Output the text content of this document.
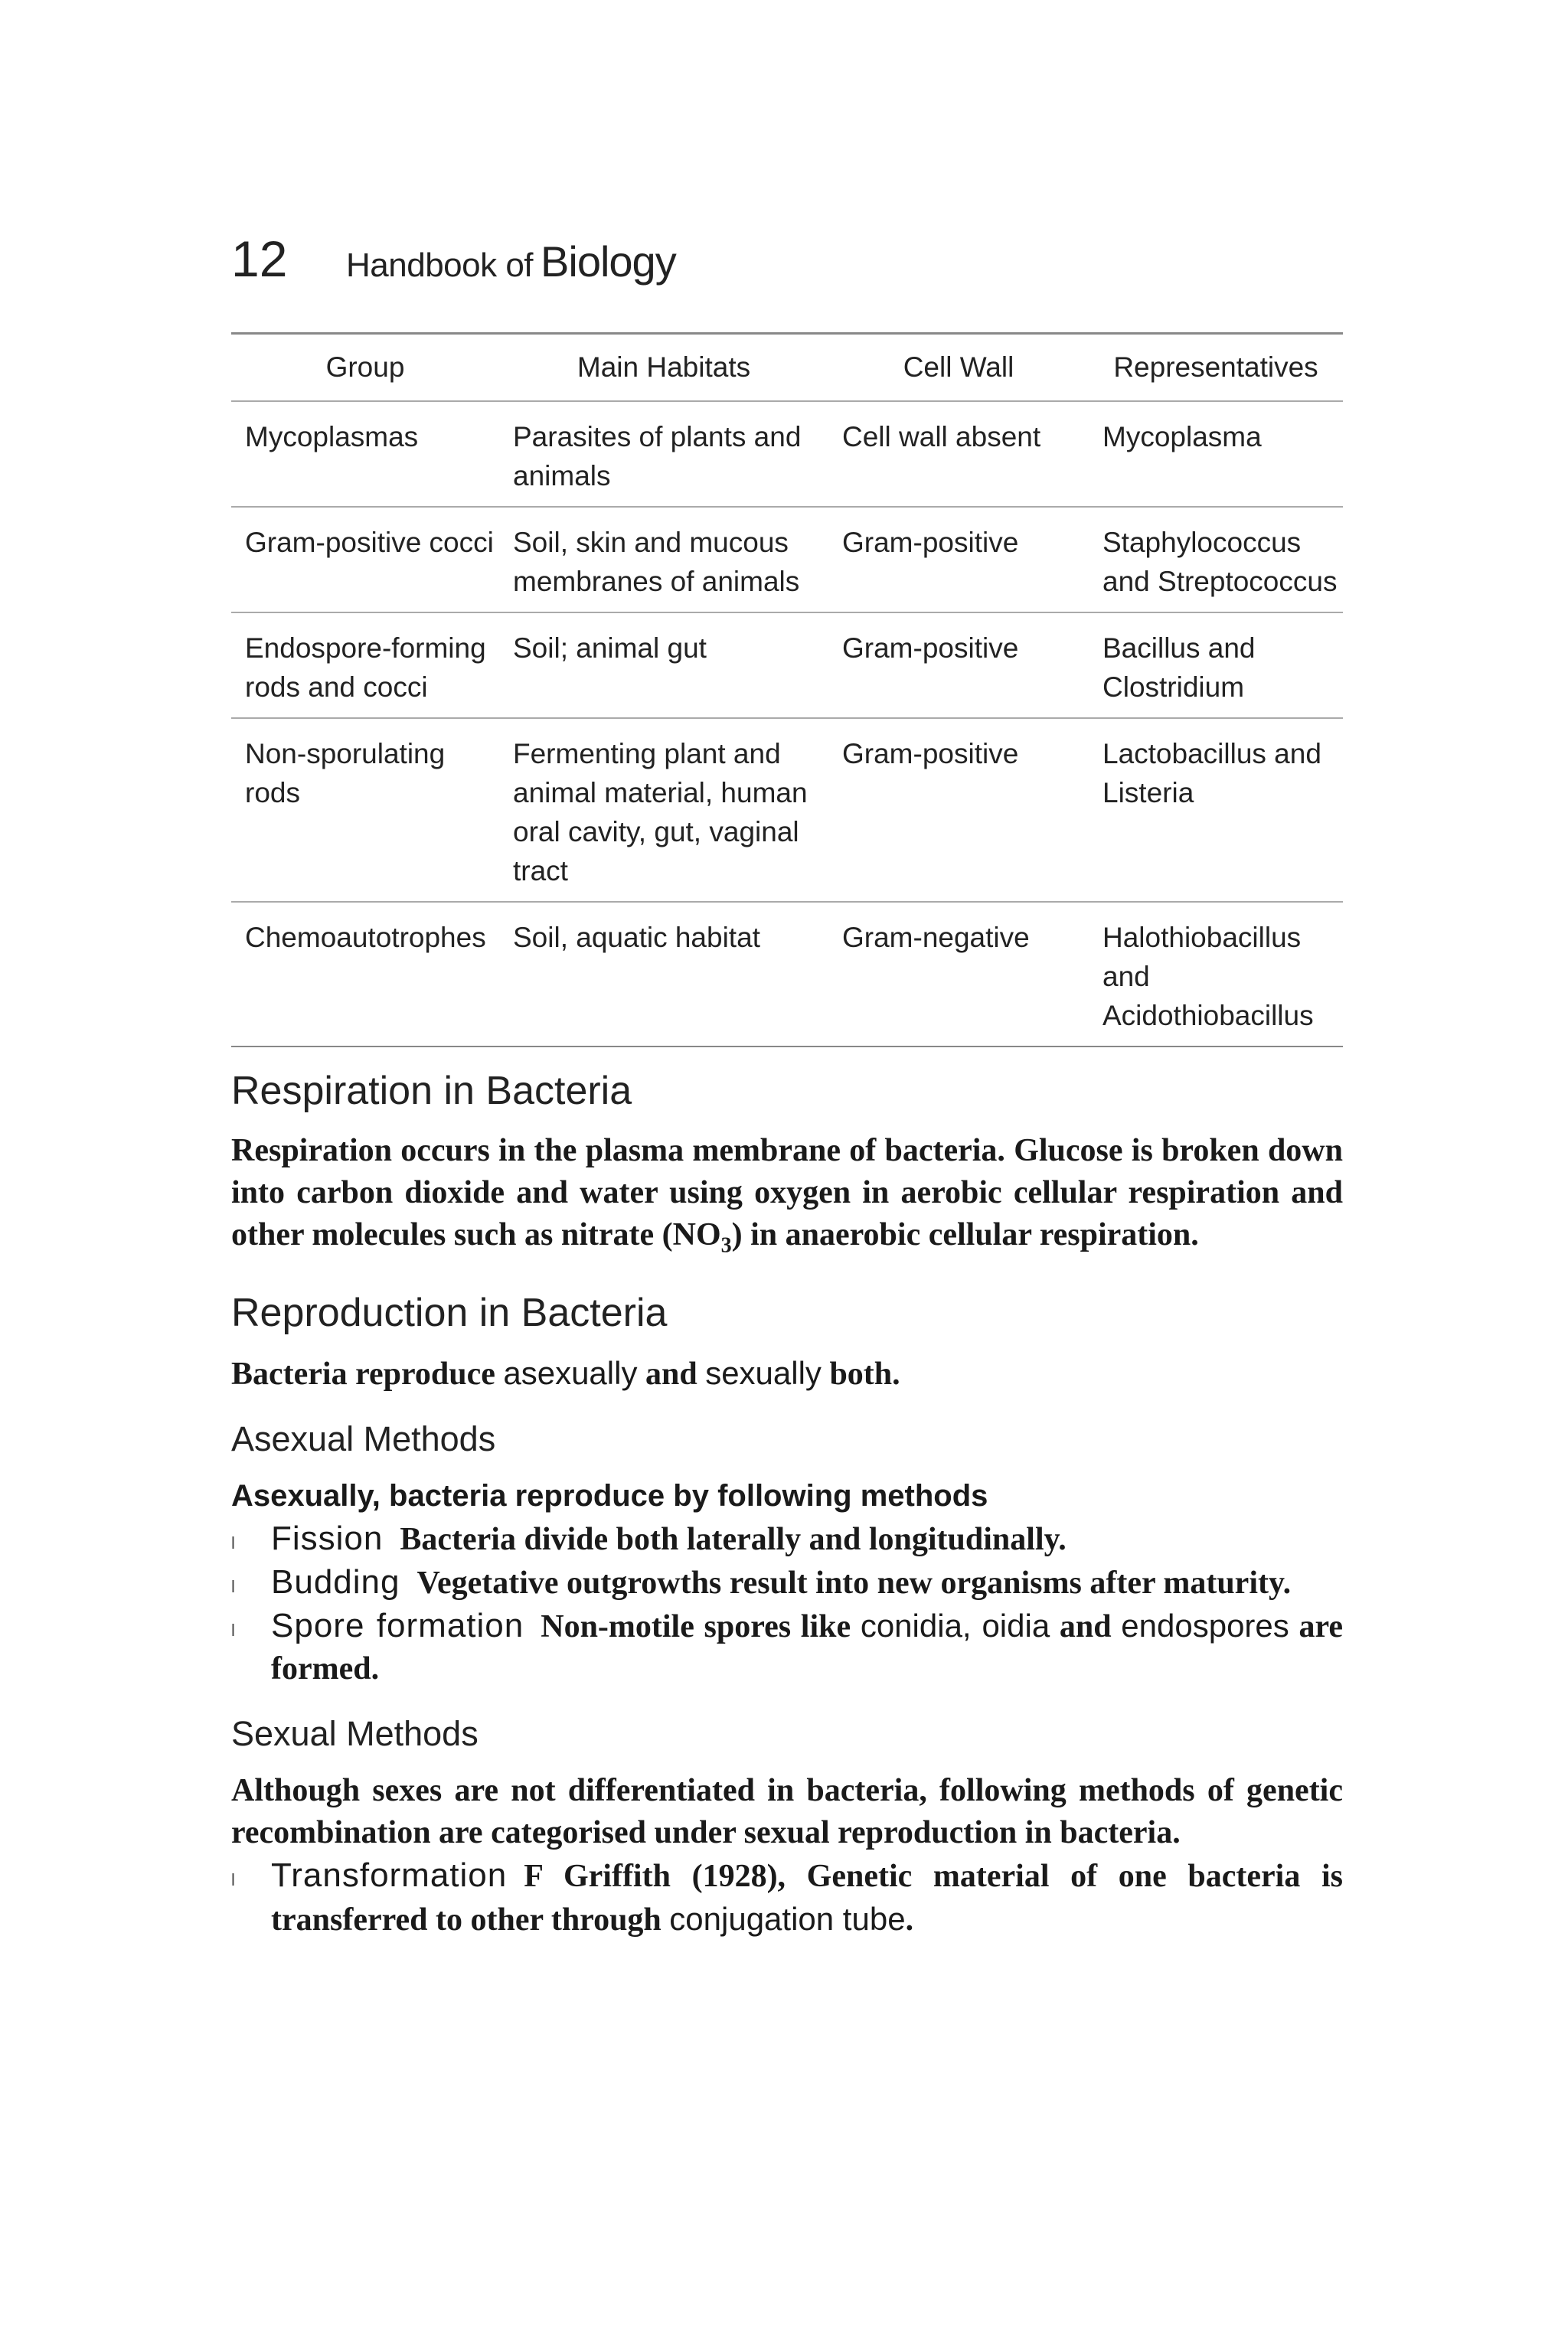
12	Handbook of Biology
Group	Main Habitats	Cell Wall	Representatives
Mycoplasmas	Parasites of plants and animals	Cell wall absent	Mycoplasma
Gram-positive cocci	Soil, skin and mucous membranes of animals	Gram-positive	Staphylococcus and Streptococcus
Endospore-forming rods and cocci	Soil; animal gut	Gram-positive	Bacillus and Clostridium
Non-sporulating rods	Fermenting plant and animal material, human oral cavity, gut, vaginal tract	Gram-positive	Lactobacillus and Listeria
Chemoautotrophes	Soil, aquatic habitat	Gram-negative	Halothiobacillus and Acidothiobacillus
Respiration in Bacteria

Respiration occurs in the plasma membrane of bacteria. Glucose is broken down into carbon dioxide and water using oxygen in aerobic cellular respiration and other molecules such as nitrate $(NO_3)$ in anaerobic cellular respiration.

Reproduction in Bacteria

Bacteria reproduce asexually and sexually both.

Asexual Methods
Asexually, bacteria reproduce by following methods
l Fission Bacteria divide both laterally and longitudinally.
l Budding Vegetative outgrowths result into new organisms after maturity.
l Spore formation Non-motile spores like conidia, oidia and endospores are formed.
Sexual Methods

Although sexes are not differentiated in bacteria, following methods of genetic recombination are categorised under sexual reproduction in bacteria.

l Transformation F Griffith (1928), Genetic material of one bacteria is transferred to other through conjugation tube.
